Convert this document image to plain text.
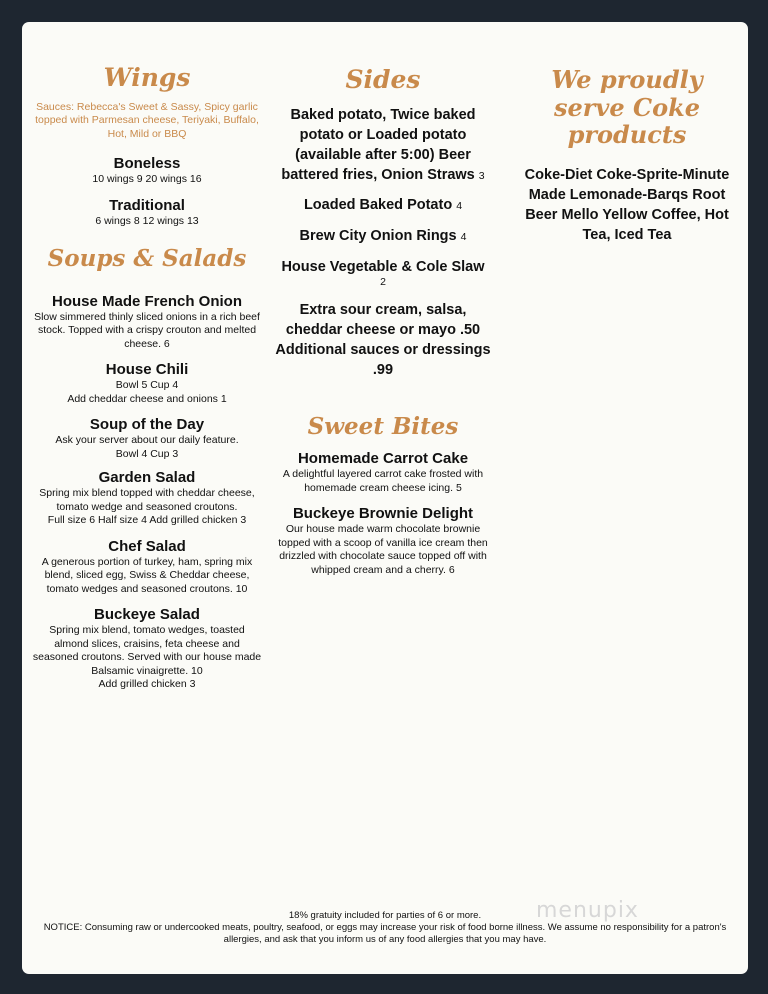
Wings

Sauces: Rebecca's Sweet & Sassy, Spicy garlic topped with Parmesan cheese, Teriyaki, Buffalo, Hot, Mild or BBQ

Boneless

10 wings 9 20 wings 16

Traditional

6 wings 8 12 wings 13

Soups & Salads

House Made French Onion

Slow simmered thinly sliced onions in a rich beef stock. Topped with a crispy crouton and melted cheese. 6

House Chili

Bowl 5 Cup 4

Add cheddar cheese and onions 1

Soup of the Day

Ask your server about our daily feature.

Bowl 4 Cup 3

Garden Salad

Spring mix blend topped with cheddar cheese, tomato wedge and seasoned croutons.

Full size 6 Half size 4 Add grilled chicken 3

Chef Salad

A generous portion of turkey, ham, spring mix blend, sliced egg, Swiss & Cheddar cheese, tomato wedges and seasoned croutons. 10

Buckeye Salad

Spring mix blend, tomato wedges, toasted almond slices, craisins, feta cheese and seasoned croutons. Served with our house made Balsamic vinaigrette. 10

Add grilled chicken 3

Sides

Baked potato, Twice baked potato or Loaded potato (available after 5:00) Beer battered fries, Onion Straws 3

Loaded Baked Potato 4

Brew City Onion Rings 4

House Vegetable & Cole Slaw

2

Extra sour cream, salsa, cheddar cheese or mayo .50 Additional sauces or dressings .99

Sweet Bites

Homemade Carrot Cake

A delightful layered carrot cake frosted with homemade cream cheese icing. 5

Buckeye Brownie Delight

Our house made warm chocolate brownie topped with a scoop of vanilla ice cream then drizzled with chocolate sauce topped off with whipped cream and a cherry. 6

We proudly serve Coke products

Coke-Diet Coke-Sprite-Minute Made Lemonade-Barqs Root Beer Mello Yellow Coffee, Hot Tea, Iced Tea

menupix

18% gratuity included for parties of 6 or more.

NOTICE: Consuming raw or undercooked meats, poultry, seafood, or eggs may increase your risk of food borne illness. We assume no responsibility for a patron's allergies, and ask that you inform us of any food allergies that you may have.
